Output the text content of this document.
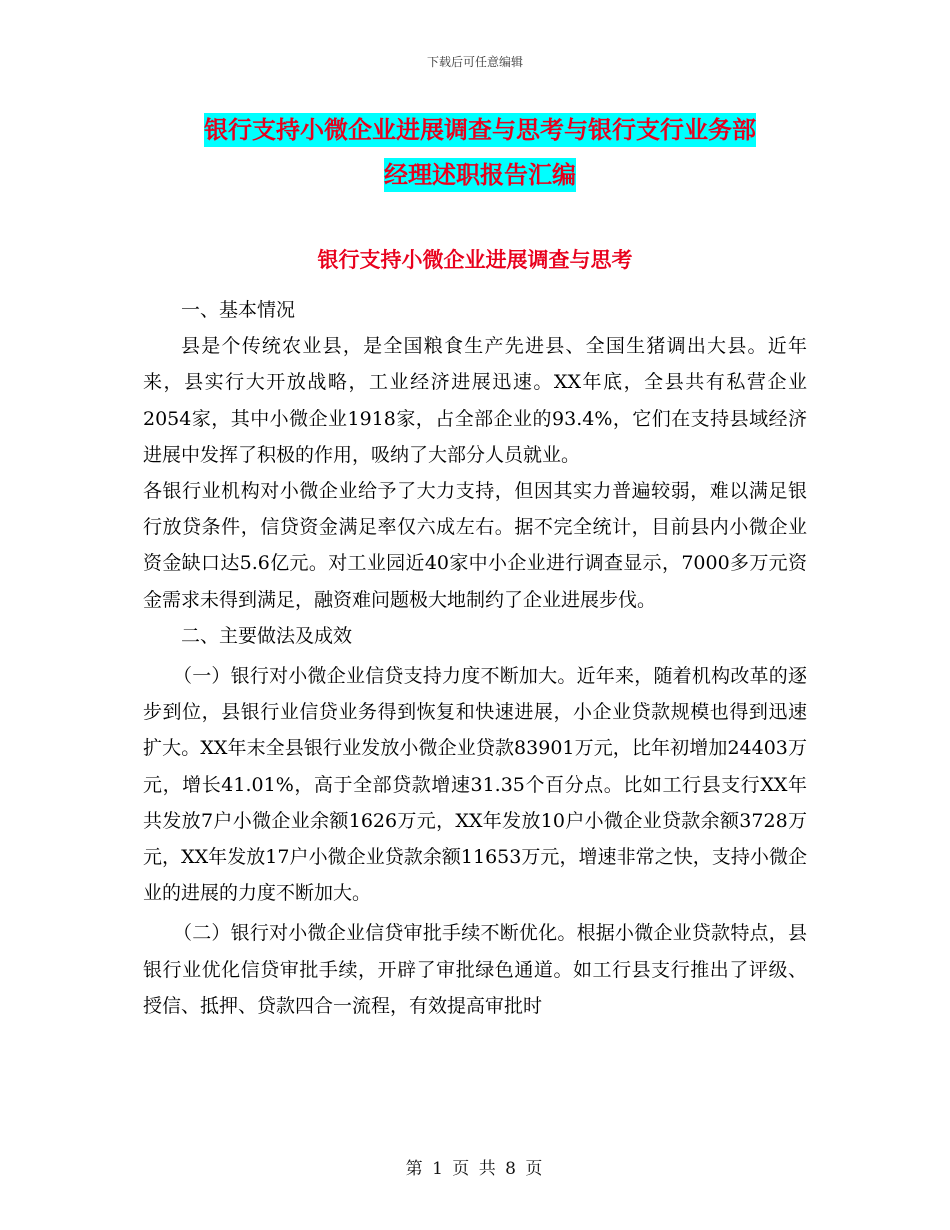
下载后可任意编辑
银行支持小微企业进展调查与思考与银行支行业务部
经理述职报告汇编
银行支持小微企业进展调查与思考

一、基本情况

县是个传统农业县，是全国粮食生产先进县、全国生猪调出大县。近年来，县实行大开放战略，工业经济进展迅速。XX年底，全县共有私营企业2054家，其中小微企业1918家，占全部企业的93.4%，它们在支持县域经济进展中发挥了积极的作用，吸纳了大部分人员就业。

各银行业机构对小微企业给予了大力支持，但因其实力普遍较弱，难以满足银行放贷条件，信贷资金满足率仅六成左右。据不完全统计，目前县内小微企业资金缺口达5.6亿元。对工业园近40家中小企业进行调查显示，7000多万元资金需求未得到满足，融资难问题极大地制约了企业进展步伐。

二、主要做法及成效

（一）银行对小微企业信贷支持力度不断加大。近年来，随着机构改革的逐步到位，县银行业信贷业务得到恢复和快速进展，小企业贷款规模也得到迅速扩大。XX年末全县银行业发放小微企业贷款83901万元，比年初增加24403万元，增长41.01%，高于全部贷款增速31.35个百分点。比如工行县支行XX年共发放7户小微企业余额1626万元，XX年发放10户小微企业贷款余额3728万元，XX年发放17户小微企业贷款余额11653万元，增速非常之快，支持小微企业的进展的力度不断加大。

（二）银行对小微企业信贷审批手续不断优化。根据小微企业贷款特点，县银行业优化信贷审批手续，开辟了审批绿色通道。如工行县支行推出了评级、授信、抵押、贷款四合一流程，有效提高审批时

第 1 页 共 8 页
